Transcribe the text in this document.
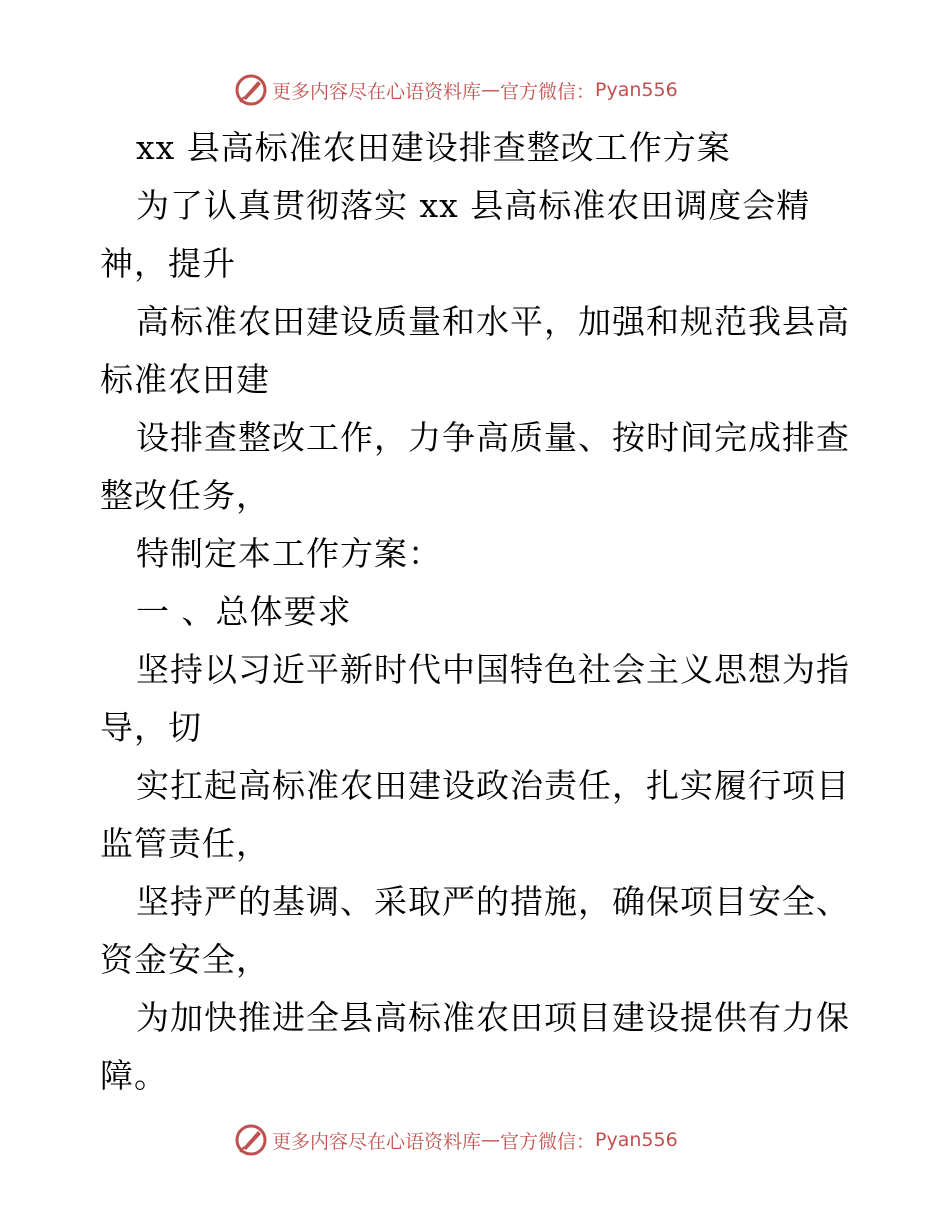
更多内容尽在心语资料库 — 官方微信： Pyan556
xx 县高标准农田建设排查整改工作方案
为了认真贯彻落实 xx 县高标准农田调度会精
神，提升
高标准农田建设质量和水平，加强和规范我县高
标准农田建
设排查整改工作，力争高质量、按时间完成排查
整改任务，
特制定本工作方案：
一 、总体要求
坚持以习近平新时代中国特色社会主义思想为指
导，切
实扛起高标准农田建设政治责任，扎实履行项目
监管责任，
坚持严的基调、采取严的措施，确保项目安全、
资金安全，
为加快推进全县高标准农田项目建设提供有力保
障。
更多内容尽在心语资料库 — 官方微信： Pyan556
